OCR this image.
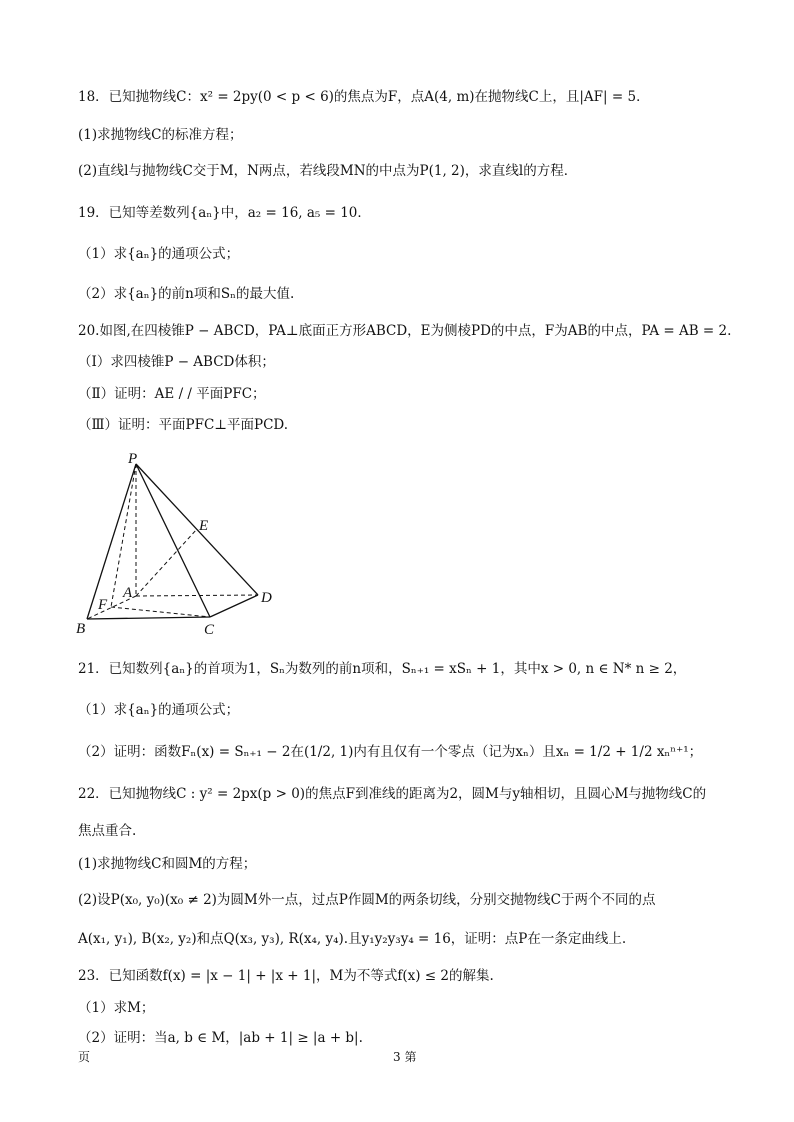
18．已知抛物线C：x² = 2py(0 < p < 6)的焦点为F，点A(4, m)在抛物线C上，且|AF| = 5．
(1)求抛物线C的标准方程；
(2)直线l与抛物线C交于M，N两点，若线段MN的中点为P(1, 2)，求直线l的方程．
19．已知等差数列{aₙ}中，a₂ = 16, a₅ = 10．
（1）求{aₙ}的通项公式；
（2）求{aₙ}的前n项和Sₙ的最大值.
20.如图,在四棱锥P − ABCD，PA⊥底面正方形ABCD，E为侧棱PD的中点，F为AB的中点，PA = AB = 2.
（Ⅰ）求四棱锥P − ABCD体积；
（Ⅱ）证明：AE / / 平面PFC；
（Ⅲ）证明：平面PFC⊥平面PCD.
P
E
A	D
F
B	C
21．已知数列{aₙ}的首项为1，Sₙ为数列的前n项和，Sₙ₊₁ = xSₙ + 1，其中x > 0, n ∈ N* n ≥ 2，
（1）求{aₙ}的通项公式；
（2）证明：函数Fₙ(x) = Sₙ₊₁ − 2在(1/2, 1)内有且仅有一个零点（记为xₙ）且xₙ = 1/2 + 1/2 xₙⁿ⁺¹；
22．已知抛物线C : y² = 2px(p > 0)的焦点F到准线的距离为2，圆M与y轴相切，且圆心M与抛物线C的
焦点重合.
(1)求抛物线C和圆M的方程；
(2)设P(x₀, y₀)(x₀ ≠ 2)为圆M外一点，过点P作圆M的两条切线，分别交抛物线C于两个不同的点
A(x₁, y₁), B(x₂, y₂)和点Q(x₃, y₃), R(x₄, y₄).且y₁y₂y₃y₄ = 16，证明：点P在一条定曲线上.
23．已知函数f(x) = |x − 1| + |x + 1|，M为不等式f(x) ≤ 2的解集.
（1）求M；
（2）证明：当a, b ∈ M，|ab + 1| ≥ |a + b|.
页	3 第
